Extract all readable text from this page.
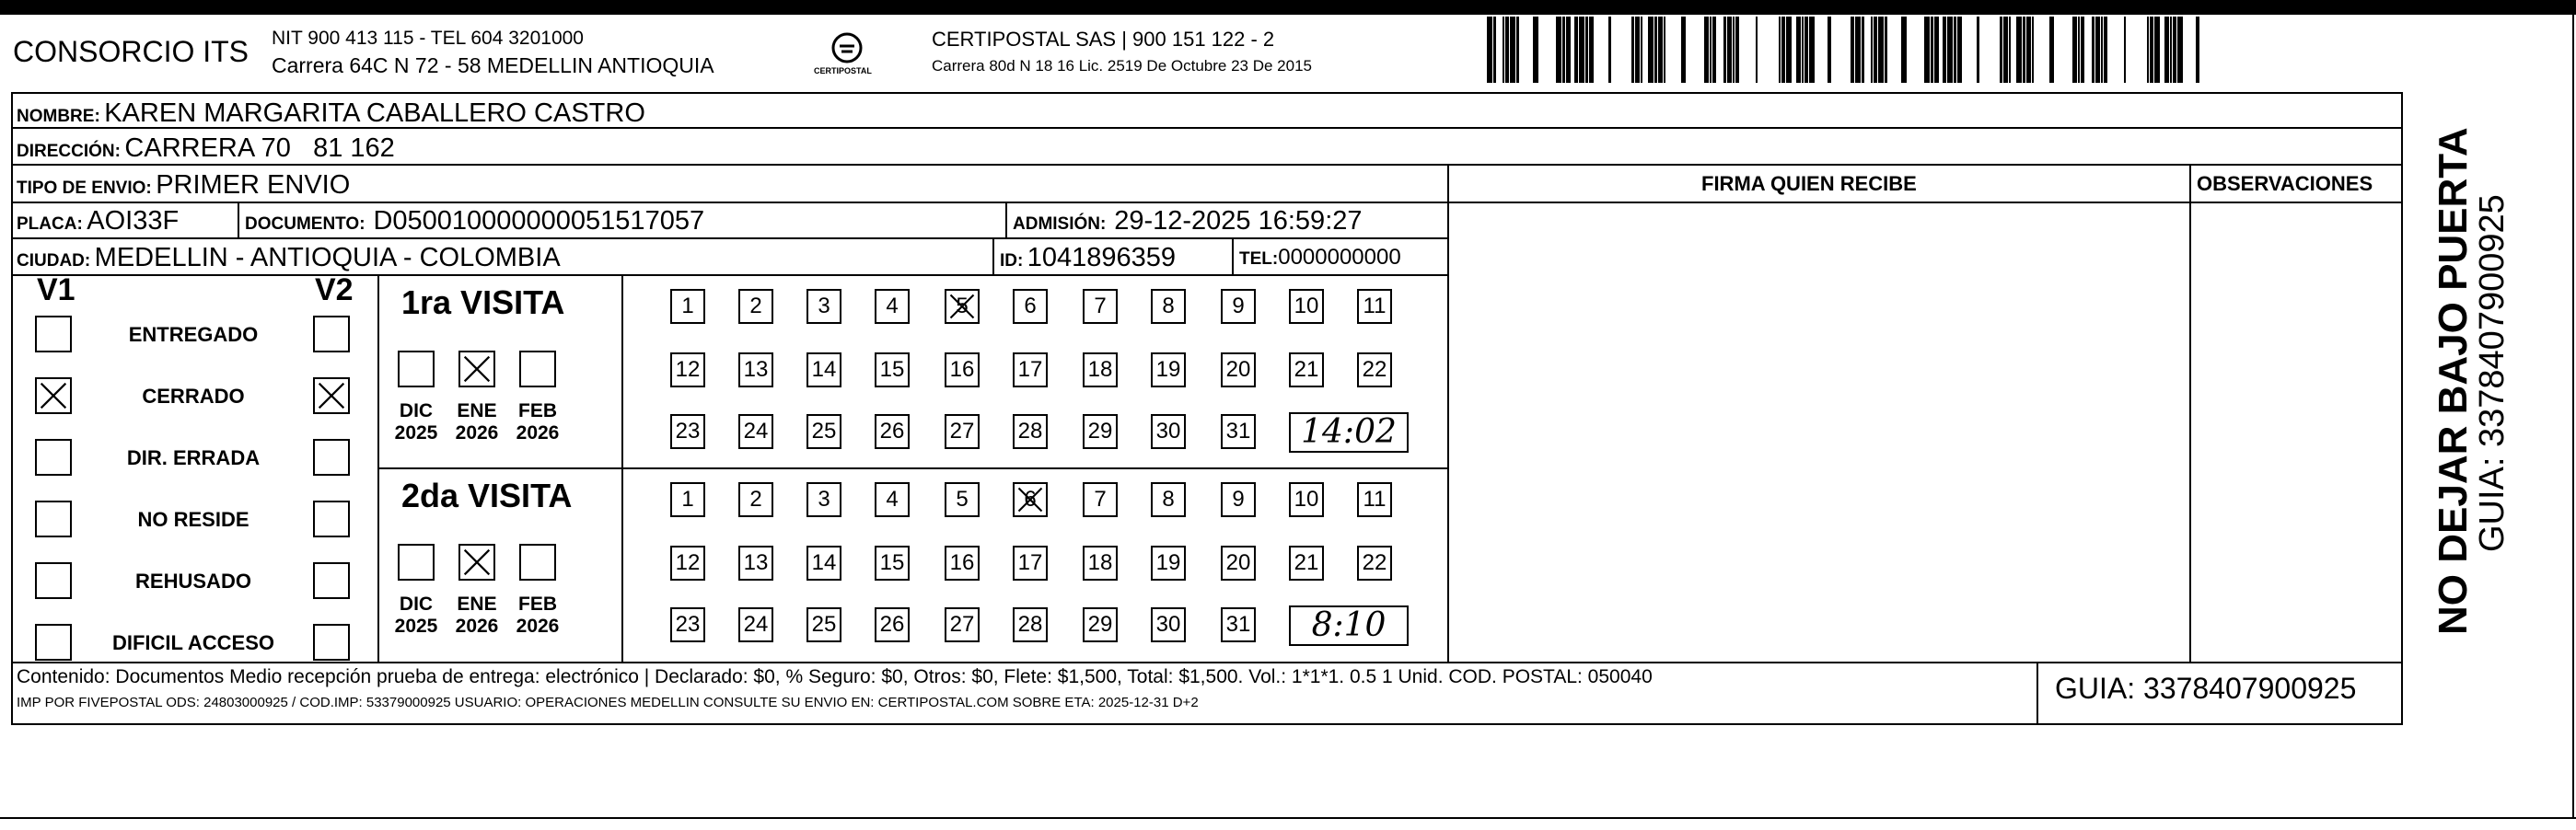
CONSORCIO ITS NIT 900 413 115 - TEL 604 3201000
Carrera 64C N 72 - 58 MEDELLIN ANTIOQUIA	CERTIPOSTAL
CERTIPOSTAL SAS | 900 151 122 - 2
Carrera 80d N 18 16 Lic. 2519 De Octubre 23 De 2015
NOMBRE: KAREN MARGARITA CABALLERO CASTRO
DIRECCIÓN: CARRERA 70   81 162
TIPO DE ENVIO: PRIMER ENVIO	FIRMA QUIEN RECIBE	OBSERVACIONES
PLACA: AOI33F	DOCUMENTO: D050010000000051517057	ADMISIÓN: 29-12-2025 16:59:27
CIUDAD: MEDELLIN - ANTIOQUIA - COLOMBIA	ID: 1041896359	TEL:0000000000
V1	V2
ENTREGADO
CERRADO
DIR. ERRADA
NO RESIDE
REHUSADO
DIFICIL ACCESO
1ra VISITA
DIC
2025
ENE
2026
FEB
2026
1	2	3	4	5	6	7	8	9	10 11
12 13 14 15 16 17 18 19 20 21 22
23 24 25 26 27 28 29 30 31	14:02
2da VISITA
DIC
2025
ENE
2026
FEB
2026
1	2	3	4	5	6	7	8	9	10 11
12 13 14 15 16 17 18 19 20 21 22
23 24 25 26 27 28 29 30 31	8:10
Contenido: Documentos Medio recepción prueba de entrega: electrónico | Declarado: $0, % Seguro: $0, Otros: $0, Flete: $1,500, Total: $1,500. Vol.: 1*1*1. 0.5 1 Unid. COD. POSTAL: 050040
IMP POR FIVEPOSTAL ODS: 24803000925 / COD.IMP: 53379000925 USUARIO: OPERACIONES MEDELLIN CONSULTE SU ENVIO EN: CERTIPOSTAL.COM SOBRE ETA: 2025-12-31 D+2	GUIA: 3378407900925
NO DEJAR BAJO PUERTA
GUIA: 3378407900925
